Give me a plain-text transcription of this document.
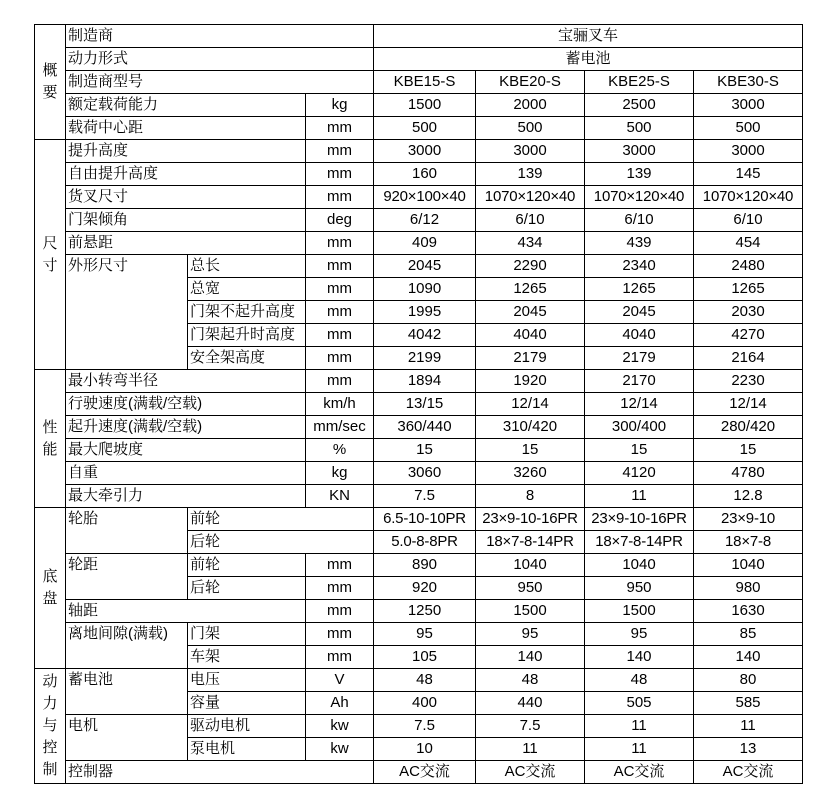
概
要	制造商			宝骊叉车			
	动力形式			蓄电池			
	制造商型号			KBE15-S	KBE20-S	KBE25-S	KBE30-S
	额定载荷能力		kg	1500	2000	2500	3000
	载荷中心距		mm	500	500	500	500

尺
寸	提升高度		mm	3000	3000	3000	3000
	自由提升高度		mm	160	139	139	145
	货叉尺寸		mm	920×100×40	1070×120×40	1070×120×40	1070×120×40
	门架倾角		deg	6/12	6/10	6/10	6/10
	前悬距		mm	409	434	439	454
	外形尺寸	总长	mm	2045	2290	2340	2480
		总宽	mm	1090	1265	1265	1265
		门架不起升高度	mm	1995	2045	2045	2030
		门架起升时高度	mm	4042	4040	4040	4270
		安全架高度	mm	2199	2179	2179	2164

性
能	最小转弯半径		mm	1894	1920	2170	2230
	行驶速度(满载/空载)		km/h	13/15	12/14	12/14	12/14
	起升速度(满载/空载)		mm/sec	360/440	310/420	300/400	280/420
	最大爬坡度		%	15	15	15	15
	自重		kg	3060	3260	4120	4780
	最大牵引力		KN	7.5	8	11	12.8

底
盘	轮胎	前轮		6.5-10-10PR	23×9-10-16PR	23×9-10-16PR	23×9-10
		后轮		5.0-8-8PR	18×7-8-14PR	18×7-8-14PR	18×7-8
	轮距	前轮	mm	890	1040	1040	1040
		后轮	mm	920	950	950	980
	轴距		mm	1250	1500	1500	1630
	离地间隙(满载)	门架	mm	95	95	95	85
		车架	mm	105	140	140	140

动
力
与
控
制	蓄电池	电压	V	48	48	48	80
		容量	Ah	400	440	505	585
	电机	驱动电机	kw	7.5	7.5	11	11
		泵电机	kw	10	11	11	13
	控制器			AC交流	AC交流	AC交流	AC交流
